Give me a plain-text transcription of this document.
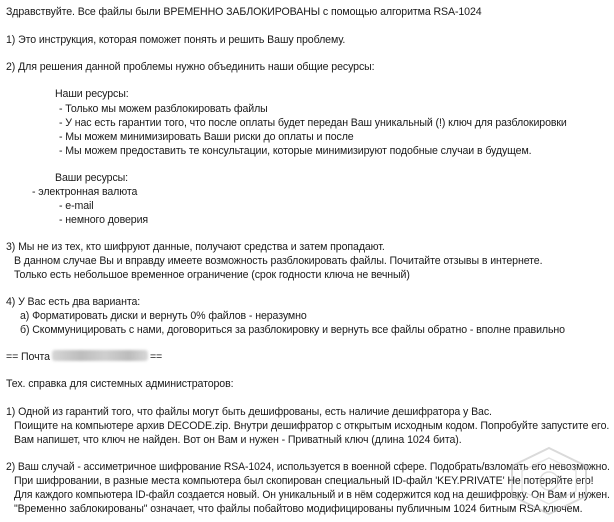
Здравствуйте. Все файлы были ВРЕМЕННО ЗАБЛОКИРОВАНЫ с помощью алгоритма RSA-1024
1) Это инструкция, которая поможет понять и решить Вашу проблему.
2) Для решения данной проблемы нужно объединить наши общие ресурсы:
Наши ресурсы:
- Только мы можем разблокировать файлы
- У нас есть гарантии того, что после оплаты будет передан Ваш уникальный (!) ключ для разблокировки
- Мы можем минимизировать Ваши риски до оплаты и после
- Мы можем предоставить те консультации, которые минимизируют подобные случаи в будущем.
Ваши ресурсы:
- электронная валюта
- e-mail
- немного доверия
3) Мы не из тех, кто шифруют данные, получают средства и затем пропадают.
В данном случае Вы и вправду имеете возможность разблокировать файлы. Почитайте отзывы в интернете.
Только есть небольшое временное ограничение (срок годности ключа не вечный)
4) У Вас есть два варианта:
а) Форматировать диски и вернуть 0% файлов - неразумно
б) Скоммуницировать с нами, договориться за разблокировку и вернуть все файлы обратно - вполне правильно
== Почта	==
Тех. справка для системных администраторов:
1) Одной из гарантий того, что файлы могут быть дешифрованы, есть наличие дешифратора у Вас.
Поищите на компьютере архив DECODE.zip. Внутри дешифратор с открытым исходным кодом. Попробуйте запустите его.
Вам напишет, что ключ не найден. Вот он Вам и нужен - Приватный ключ (длина 1024 бита).
2) Ваш случай - ассиметричное шифрование RSA-1024, используется в военной сфере. Подобрать/взломать его невозможно.
При шифровании, в разные места компьютера был скопирован специальный ID-файл 'KEY.PRIVATE' Не потеряйте его!
Для каждого компьютера ID-файл создается новый. Он уникальный и в нём содержится код на дешифровку. Он Вам и нужен.
"Временно заблокированы" означает, что файлы побайтово модифицированы публичным 1024 битным RSA ключем.
